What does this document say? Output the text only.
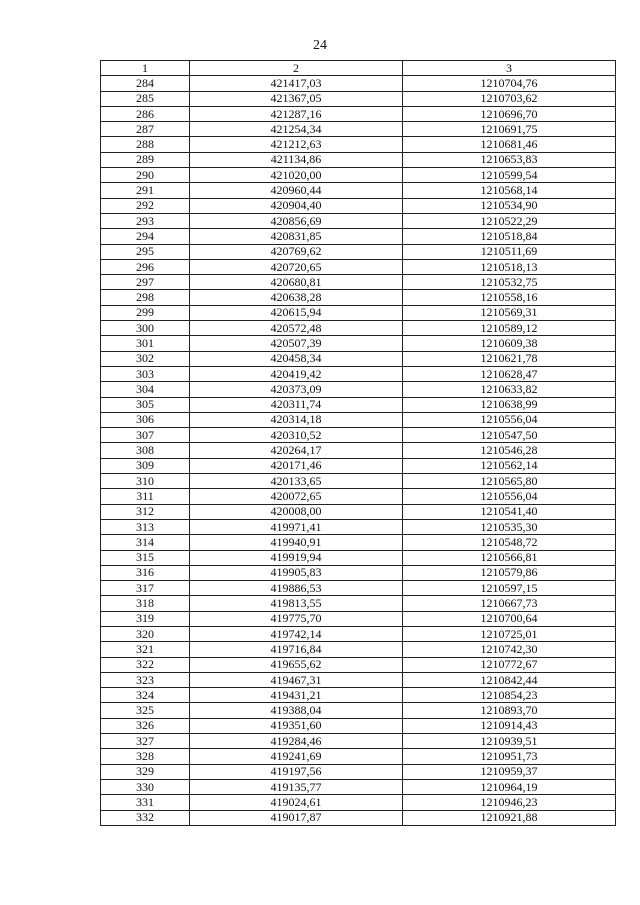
24
1	2	3
284	421417,03	1210704,76
285	421367,05	1210703,62
286	421287,16	1210696,70
287	421254,34	1210691,75
288	421212,63	1210681,46
289	421134,86	1210653,83
290	421020,00	1210599,54
291	420960,44	1210568,14
292	420904,40	1210534,90
293	420856,69	1210522,29
294	420831,85	1210518,84
295	420769,62	1210511,69
296	420720,65	1210518,13
297	420680,81	1210532,75
298	420638,28	1210558,16
299	420615,94	1210569,31
300	420572,48	1210589,12
301	420507,39	1210609,38
302	420458,34	1210621,78
303	420419,42	1210628,47
304	420373,09	1210633,82
305	420311,74	1210638,99
306	420314,18	1210556,04
307	420310,52	1210547,50
308	420264,17	1210546,28
309	420171,46	1210562,14
310	420133,65	1210565,80
311	420072,65	1210556,04
312	420008,00	1210541,40
313	419971,41	1210535,30
314	419940,91	1210548,72
315	419919,94	1210566,81
316	419905,83	1210579,86
317	419886,53	1210597,15
318	419813,55	1210667,73
319	419775,70	1210700,64
320	419742,14	1210725,01
321	419716,84	1210742,30
322	419655,62	1210772,67
323	419467,31	1210842,44
324	419431,21	1210854,23
325	419388,04	1210893,70
326	419351,60	1210914,43
327	419284,46	1210939,51
328	419241,69	1210951,73
329	419197,56	1210959,37
330	419135,77	1210964,19
331	419024,61	1210946,23
332	419017,87	1210921,88
